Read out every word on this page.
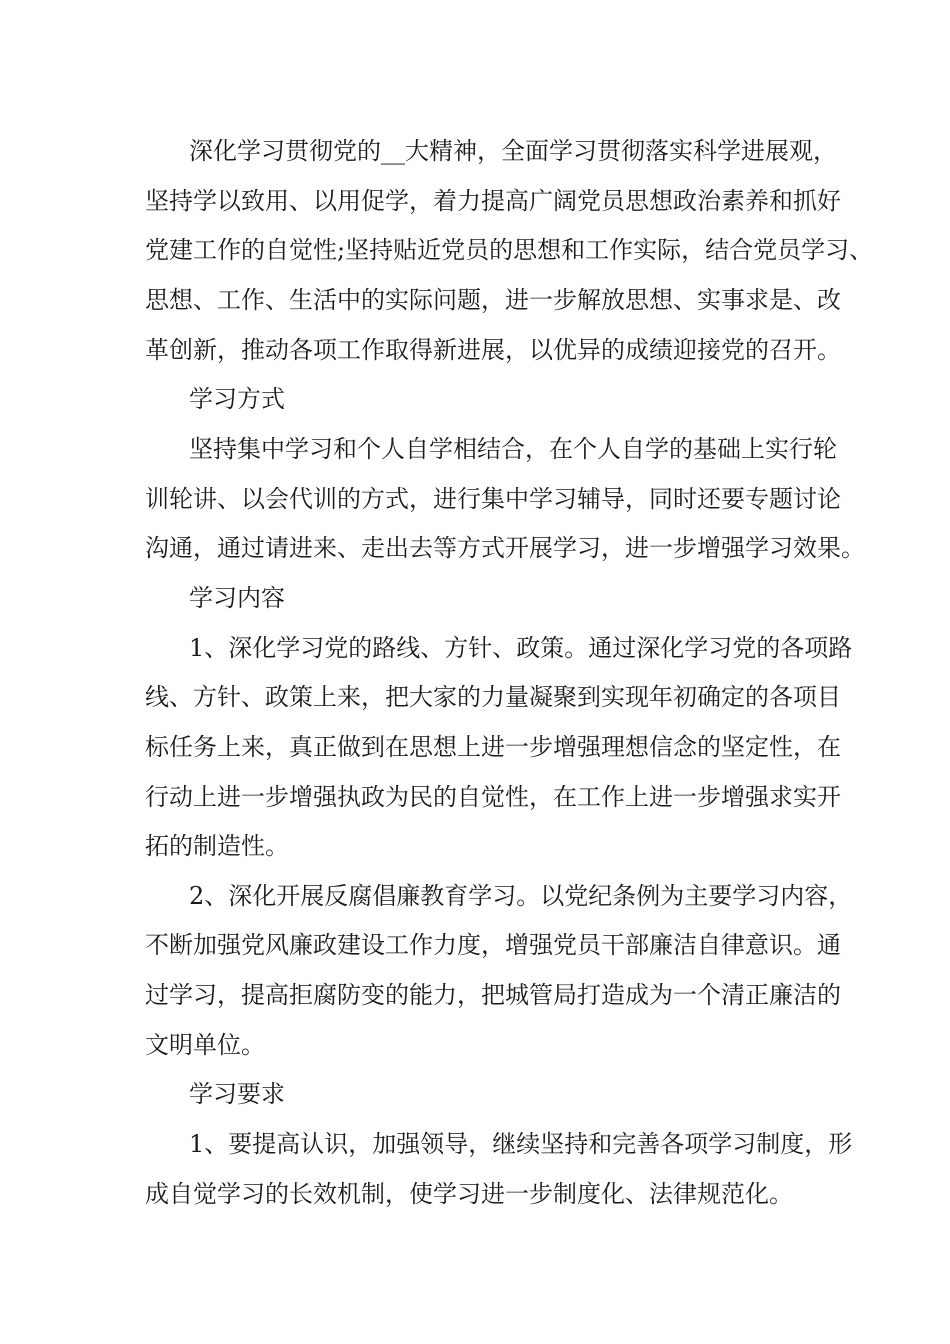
深化学习贯彻党的__大精神，全面学习贯彻落实科学进展观，
坚持学以致用、以用促学，着力提高广阔党员思想政治素养和抓好
党建工作的自觉性;坚持贴近党员的思想和工作实际，结合党员学习、
思想、工作、生活中的实际问题，进一步解放思想、实事求是、改
革创新，推动各项工作取得新进展，以优异的成绩迎接党的召开。
学习方式
坚持集中学习和个人自学相结合，在个人自学的基础上实行轮
训轮讲、以会代训的方式，进行集中学习辅导，同时还要专题讨论
沟通，通过请进来、走出去等方式开展学习，进一步增强学习效果。
学习内容
1、深化学习党的路线、方针、政策。通过深化学习党的各项路
线、方针、政策上来，把大家的力量凝聚到实现年初确定的各项目
标任务上来，真正做到在思想上进一步增强理想信念的坚定性，在
行动上进一步增强执政为民的自觉性，在工作上进一步增强求实开
拓的制造性。
2、深化开展反腐倡廉教育学习。以党纪条例为主要学习内容，
不断加强党风廉政建设工作力度，增强党员干部廉洁自律意识。通
过学习，提高拒腐防变的能力，把城管局打造成为一个清正廉洁的
文明单位。
学习要求
1、要提高认识，加强领导，继续坚持和完善各项学习制度，形
成自觉学习的长效机制，使学习进一步制度化、法律规范化。
